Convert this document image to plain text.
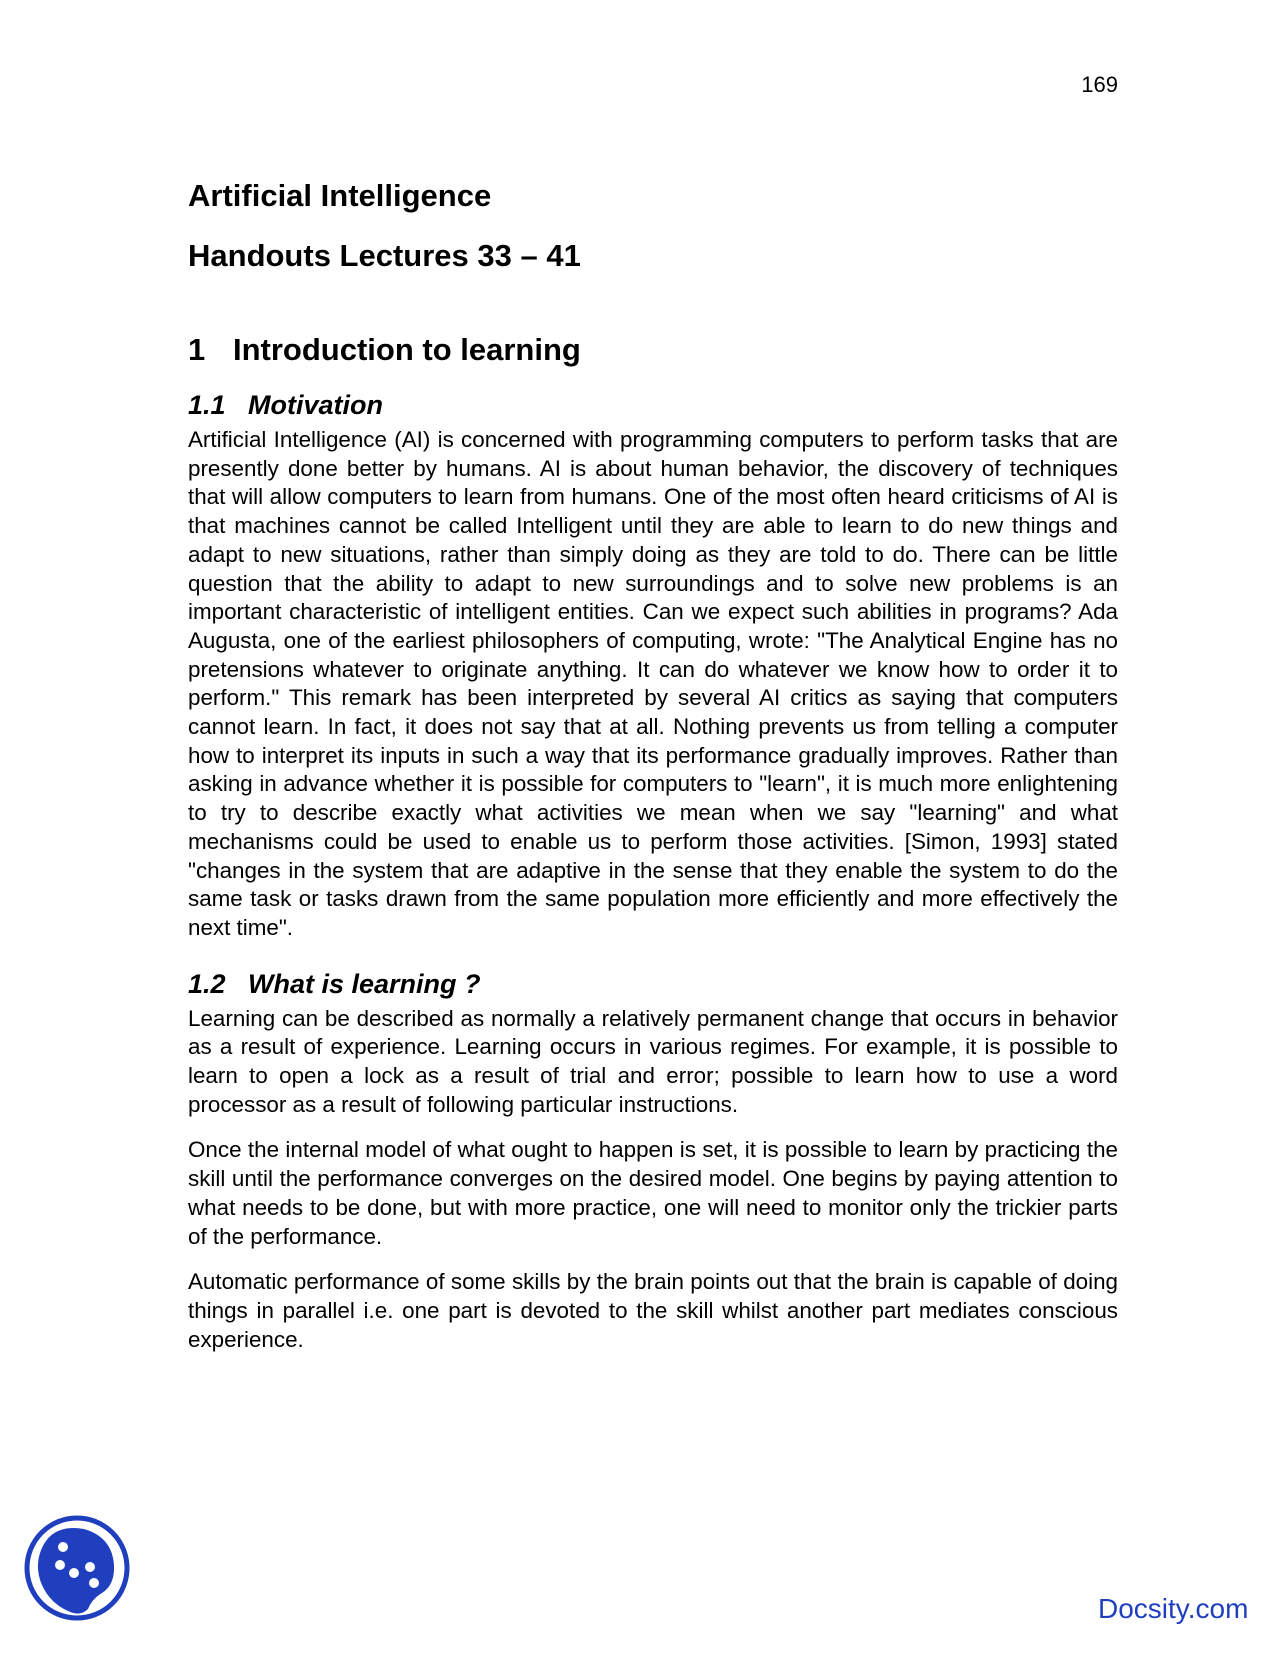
169
Artificial Intelligence
Handouts Lectures 33 – 41
1 Introduction to learning
1.1 Motivation

Artificial Intelligence (AI) is concerned with programming computers to perform tasks that are presently done better by humans. AI is about human behavior, the discovery of techniques that will allow computers to learn from humans. One of the most often heard criticisms of AI is that machines cannot be called Intelligent until they are able to learn to do new things and adapt to new situations, rather than simply doing as they are told to do. There can be little question that the ability to adapt to new surroundings and to solve new problems is an important characteristic of intelligent entities. Can we expect such abilities in programs? Ada Augusta, one of the earliest philosophers of computing, wrote: "The Analytical Engine has no pretensions whatever to originate anything. It can do whatever we know how to order it to perform." This remark has been interpreted by several AI critics as saying that computers cannot learn. In fact, it does not say that at all. Nothing prevents us from telling a computer how to interpret its inputs in such a way that its performance gradually improves. Rather than asking in advance whether it is possible for computers to "learn", it is much more enlightening to try to describe exactly what activities we mean when we say "learning" and what mechanisms could be used to enable us to perform those activities. [Simon, 1993] stated "changes in the system that are adaptive in the sense that they enable the system to do the same task or tasks drawn from the same population more efficiently and more effectively the next time".

1.2 What is learning ?

Learning can be described as normally a relatively permanent change that occurs in behavior as a result of experience. Learning occurs in various regimes. For example, it is possible to learn to open a lock as a result of trial and error; possible to learn how to use a word processor as a result of following particular instructions.

Once the internal model of what ought to happen is set, it is possible to learn by practicing the skill until the performance converges on the desired model. One begins by paying attention to what needs to be done, but with more practice, one will need to monitor only the trickier parts of the performance.

Automatic performance of some skills by the brain points out that the brain is capable of doing things in parallel i.e. one part is devoted to the skill whilst another part mediates conscious experience.

Docsity.com
